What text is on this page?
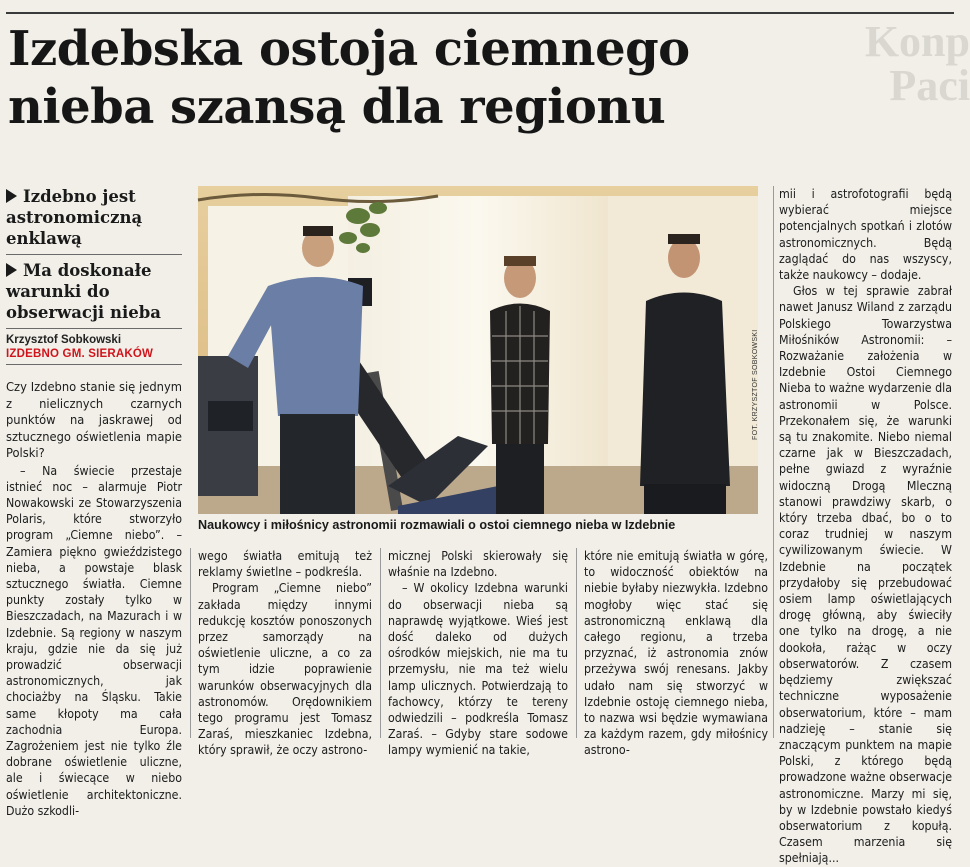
Konp
Paci
Izdebska ostoja ciemnego
nieba szansą dla regionu
Izdebno jest astronomiczną enklawą
Ma doskonałe warunki do obserwacji nieba
Krzysztof Sobkowski
IZDEBNO GM. SIERAKÓW

Czy Izdebno stanie się jednym z nielicznych czarnych punktów na jaskrawej od sztucznego oświetlenia mapie Polski?

– Na świecie przestaje istnieć noc – alarmuje Piotr Nowakowski ze Stowarzyszenia Polaris, które stworzyło program „Ciemne niebo”. – Zamiera piękno gwieździstego nieba, a powstaje blask sztucznego światła. Ciemne punkty zostały tylko w Bieszczadach, na Mazurach i w Izdebnie. Są regiony w naszym kraju, gdzie nie da się już prowadzić obserwacji astronomicznych, jak chociażby na Śląsku. Takie same kłopoty ma cała zachodnia Europa. Zagrożeniem jest nie tylko źle dobrane oświetlenie uliczne, ale i świecące w niebo oświetlenie architektoniczne. Dużo szkodli-

FOT. KRZYSZTOF SOBKOWSKI
Naukowcy i miłośnicy astronomii rozmawiali o ostoi ciemnego nieba w Izdebnie

wego światła emitują też reklamy świetlne – podkreśla.

Program „Ciemne niebo” zakłada między innymi redukcję kosztów ponoszonych przez samorządy na oświetlenie uliczne, a co za tym idzie poprawienie warunków obserwacyjnych dla astronomów. Orędownikiem tego programu jest Tomasz Zaraś, mieszkaniec Izdebna, który sprawił, że oczy astrono-

micznej Polski skierowały się właśnie na Izdebno.

– W okolicy Izdebna warunki do obserwacji nieba są naprawdę wyjątkowe. Wieś jest dość daleko od dużych ośrodków miejskich, nie ma tu przemysłu, nie ma też wielu lamp ulicznych. Potwierdzają to fachowcy, którzy te tereny odwiedzili – podkreśla Tomasz Zaraś. – Gdyby stare sodowe lampy wymienić na takie,

które nie emitują światła w górę, to widoczność obiektów na niebie byłaby niezwykła. Izdebno mogłoby więc stać się astronomiczną enklawą dla całego regionu, a trzeba przyznać, iż astronomia znów przeżywa swój renesans. Jakby udało nam się stworzyć w Izdebnie ostoję ciemnego nieba, to nazwa wsi będzie wymawiana za każdym razem, gdy miłośnicy astrono-

mii i astrofotografii będą wybierać miejsce potencjalnych spotkań i zlotów astronomicznych. Będą zaglądać do nas wszyscy, także naukowcy – dodaje.

Głos w tej sprawie zabrał nawet Janusz Wiland z zarządu Polskiego Towarzystwa Miłośników Astronomii: – Rozważanie założenia w Izdebnie Ostoi Ciemnego Nieba to ważne wydarzenie dla astronomii w Polsce. Przekonałem się, że warunki są tu znakomite. Niebo niemal czarne jak w Bieszczadach, pełne gwiazd z wyraźnie widoczną Drogą Mleczną stanowi prawdziwy skarb, o który trzeba dbać, bo o to coraz trudniej w naszym cywilizowanym świecie. W Izdebnie na początek przydałoby się przebudować osiem lamp oświetlających drogę główną, aby świeciły one tylko na drogę, a nie dookoła, rażąc w oczy obserwatorów. Z czasem będziemy zwiększać techniczne wyposażenie obserwatorium, które – mam nadzieję – stanie się znaczącym punktem na mapie Polski, z którego będą prowadzone ważne obserwacje astronomiczne. Marzy mi się, by w Izdebnie powstało kiedyś obserwatorium z kopułą. Czasem marzenia się spełniają...
